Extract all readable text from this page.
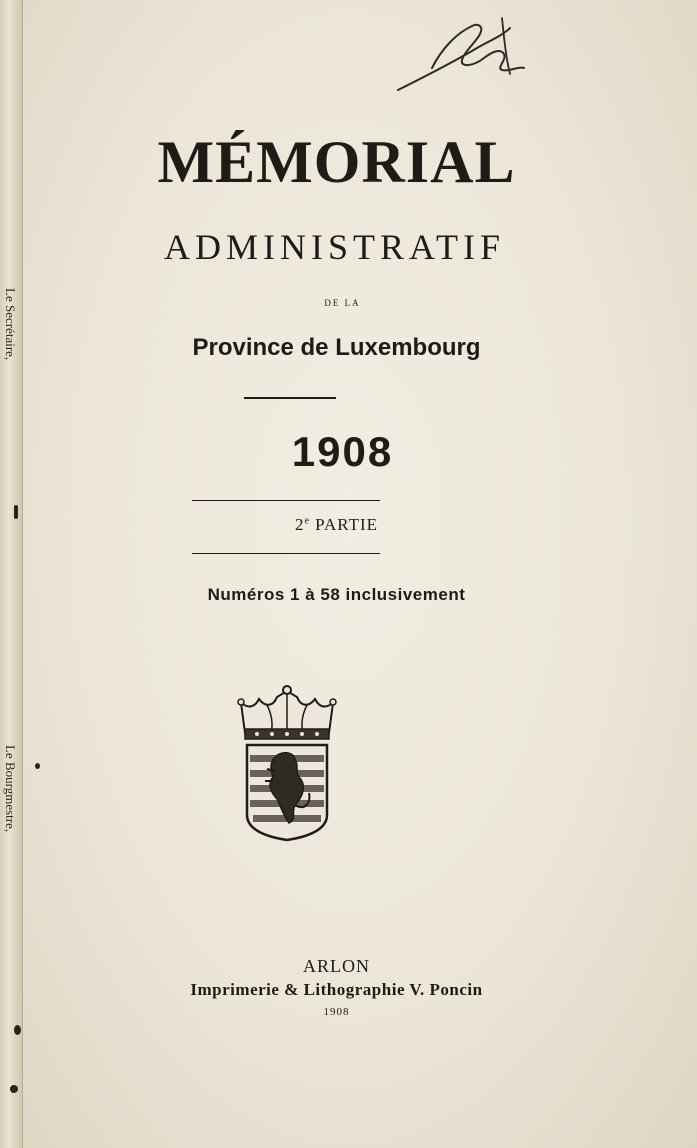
Le Secrétaire,
Le Bourgmestre,
MÉMORIAL
ADMINISTRATIF
DE LA
Province de Luxembourg
1908
2e PARTIE
Numéros 1 à 58 inclusivement
ARLON
Imprimerie & Lithographie V. Poncin
1908
